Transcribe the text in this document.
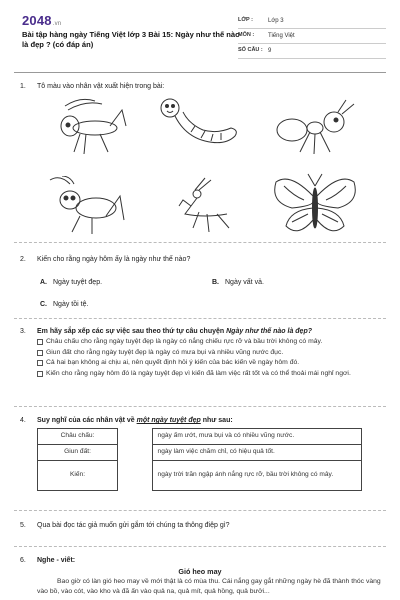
2048.vn
Bài tập hàng ngày Tiếng Việt lớp 3 Bài 15: Ngày như thế nào là đẹp ? (có đáp án)
LỚP :	Lớp 3
MÔN :	Tiếng Việt
SỐ CÂU : 9
1.	Tô màu vào nhân vật xuất hiện trong bài:
2.	Kiến cho rằng ngày hôm ấy là ngày như thế nào?
A. Ngày tuyệt đẹp.	B. Ngày vất vả.
C. Ngày tồi tệ.
3.	Em hãy sắp xếp các sự việc sau theo thứ tự câu chuyện Ngày như thế nào là đẹp?
Châu chấu cho rằng ngày tuyệt đẹp là ngày có nắng chiếu rực rỡ và bầu trời không có mây.
Giun đất cho rằng ngày tuyệt đẹp là ngày có mưa bụi và nhiều vũng nước đục.
Cả hai bạn không ai chịu ai, nên quyết định hỏi ý kiến của bác kiến về ngày hôm đó.
Kiến cho rằng ngày hôm đó là ngày tuyệt đẹp vì kiến đã làm việc rất tốt và có thể thoải mái nghỉ ngơi.
4.	Suy nghĩ của các nhân vật về một ngày tuyệt đẹp như sau:
Châu chấu:		ngày ấm ướt, mưa bụi và có nhiều vũng nước.
Giun đất:		ngày làm việc chăm chỉ, có hiệu quả tốt.
Kiến:		ngày trời trăn ngập ánh nắng rực rỡ, bầu trời không có mây.
5.	Qua bài đọc tác giả muốn gửi gắm tới chúng ta thông điệp gì?
6.	Nghe - viết:
Gió heo may
Bao giờ có làn gió heo may về mới thật là có mùa thu. Cái nắng gay gắt những ngày hè đã thành thóc vàng vào bồ, vào cót, vào kho và đã ấn vào quả na, quả mít, quả hồng, quả bưởi...
